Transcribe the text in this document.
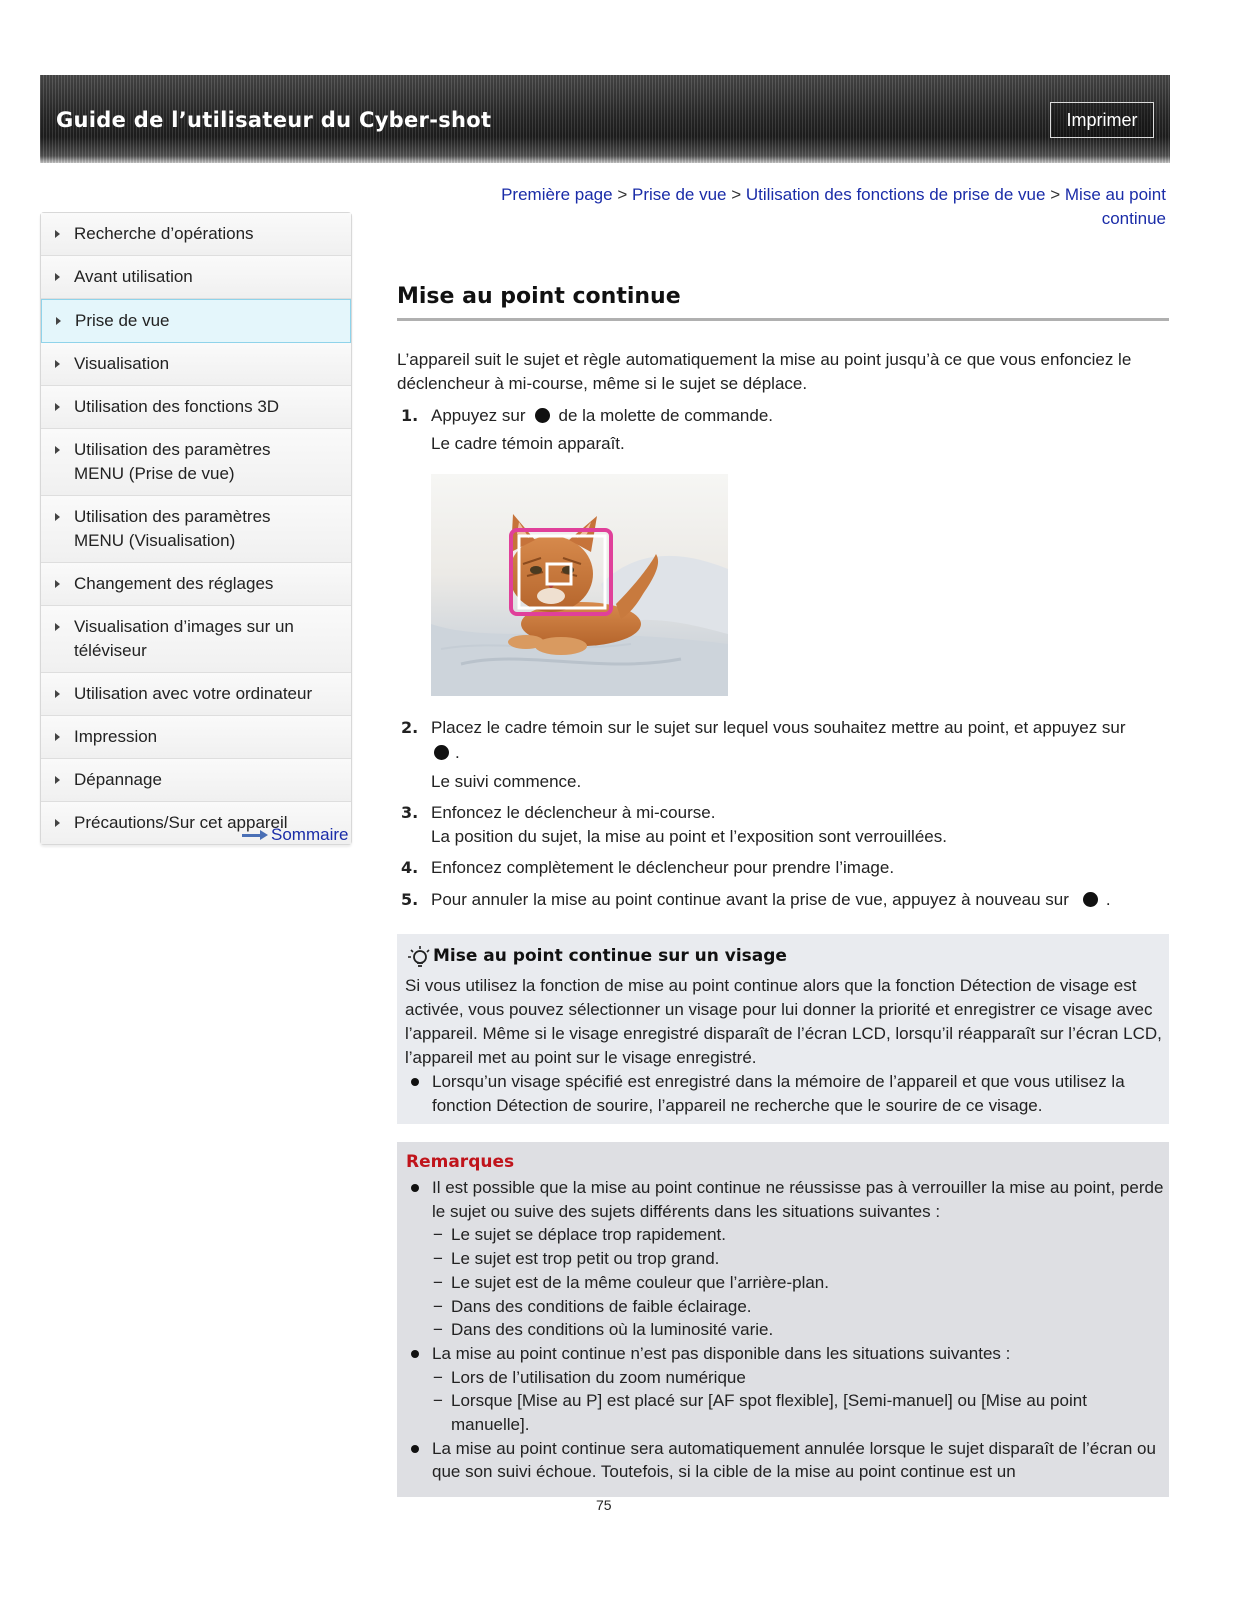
Guide de l’utilisateur du Cyber-shot	Imprimer
Recherche d’opérations
Avant utilisation
Prise de vue
Visualisation
Utilisation des fonctions 3D
Utilisation des paramètres
MENU (Prise de vue)
Utilisation des paramètres
MENU (Visualisation)
Changement des réglages
Visualisation d’images sur un
téléviseur
Utilisation avec votre ordinateur
Impression
Dépannage
Précautions/Sur cet appareil
Sommaire
Première page > Prise de vue > Utilisation des fonctions de prise de vue > Mise au point
continue
Mise au point continue
L’appareil suit le sujet et règle automatiquement la mise au point jusqu’à ce que vous enfonciez le déclencheur à mi-course, même si le sujet se déplace.
1. Appuyez sur de la molette de commande.
Le cadre témoin apparaît.
2. Placez le cadre témoin sur le sujet sur lequel vous souhaitez mettre au point, et appuyez sur
.
Le suivi commence.
3. Enfoncez le déclencheur à mi-course.
La position du sujet, la mise au point et l’exposition sont verrouillées.
4. Enfoncez complètement le déclencheur pour prendre l’image.
5. Pour annuler la mise au point continue avant la prise de vue, appuyez à nouveau sur .
Mise au point continue sur un visage
Si vous utilisez la fonction de mise au point continue alors que la fonction Détection de visage est activée, vous pouvez sélectionner un visage pour lui donner la priorité et enregistrer ce visage avec l’appareil. Même si le visage enregistré disparaît de l’écran LCD, lorsqu’il réapparaît sur l’écran LCD, l’appareil met au point sur le visage enregistré.
Lorsqu’un visage spécifié est enregistré dans la mémoire de l’appareil et que vous utilisez la fonction Détection de sourire, l’appareil ne recherche que le sourire de ce visage.
Remarques
Il est possible que la mise au point continue ne réussisse pas à verrouiller la mise au point, perde le sujet ou suive des sujets différents dans les situations suivantes :
− Le sujet se déplace trop rapidement.
− Le sujet est trop petit ou trop grand.
− Le sujet est de la même couleur que l’arrière-plan.
− Dans des conditions de faible éclairage.
− Dans des conditions où la luminosité varie.
La mise au point continue n’est pas disponible dans les situations suivantes :
− Lors de l’utilisation du zoom numérique
− Lorsque [Mise au P] est placé sur [AF spot flexible], [Semi-manuel] ou [Mise au point manuelle].
La mise au point continue sera automatiquement annulée lorsque le sujet disparaît de l’écran ou que son suivi échoue. Toutefois, si la cible de la mise au point continue est un
75
